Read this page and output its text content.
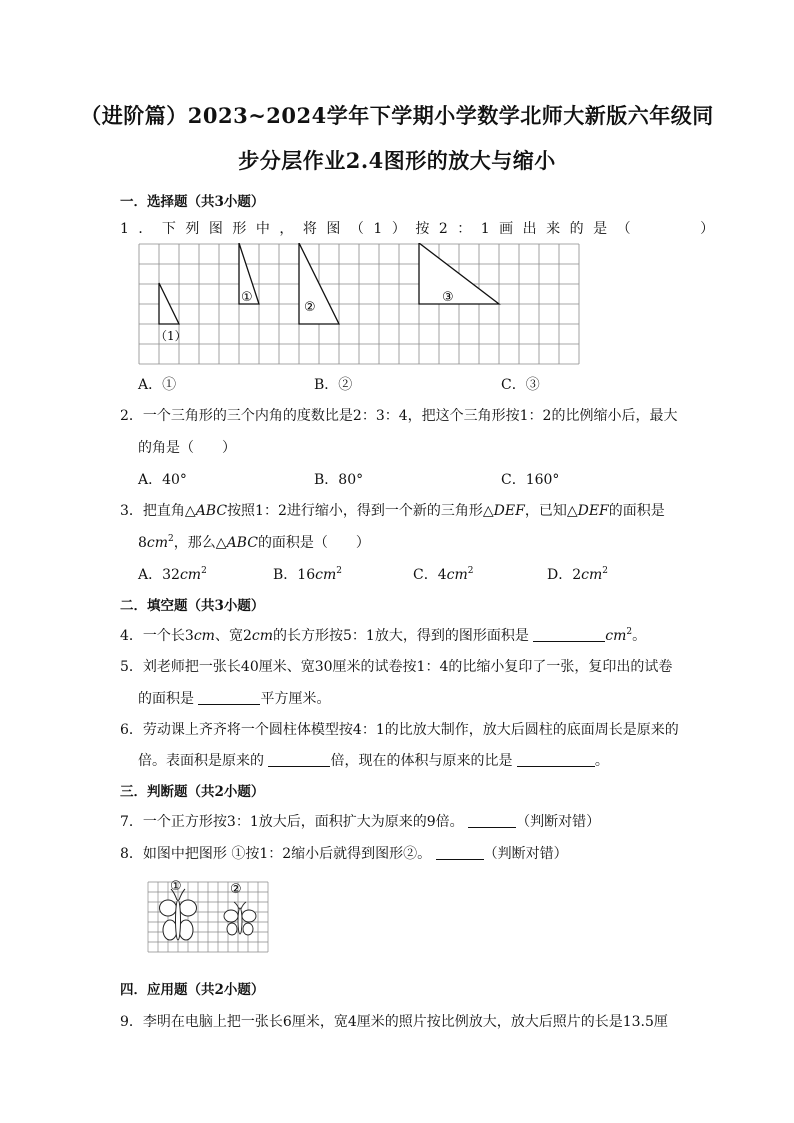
（进阶篇）2023~2024学年下学期小学数学北师大新版六年级同
步分层作业2.4图形的放大与缩小
一．选择题（共3小题）
1．下列图形中，将图（1）按2：1画出来的是（	）
（1）
①
②
③
A．①	B．②	C．③
2．一个三角形的三个内角的度数比是2：3：4，把这个三角形按1：2的比例缩小后，最大
的角是（　　）
A．40°	B．80°	C．160°
3．把直角△ABC按照1：2进行缩小，得到一个新的三角形△DEF，已知△DEF的面积是
$8cm^2$，那么△ABC的面积是（　　）
A．$32cm^2$	B．$16cm^2$	C．$4cm^2$	D．$2cm^2$
二．填空题（共3小题）
4．一个长3cm、宽2cm的长方形按5：1放大，得到的图形面积是	$cm^2$。
5．刘老师把一张长40厘米、宽30厘米的试卷按1：4的比缩小复印了一张，复印出的试卷
的面积是	平方厘米。
6．劳动课上齐齐将一个圆柱体模型按4：1的比放大制作，放大后圆柱的底面周长是原来的
倍。表面积是原来的	倍，现在的体积与原来的比是	。
三．判断题（共2小题）
7．一个正方形按3：1放大后，面积扩大为原来的9倍。	（判断对错）
8．如图中把图形 ①按1：2缩小后就得到图形②。	（判断对错）
①	②
四．应用题（共2小题）
9．李明在电脑上把一张长6厘米，宽4厘米的照片按比例放大，放大后照片的长是13.5厘
